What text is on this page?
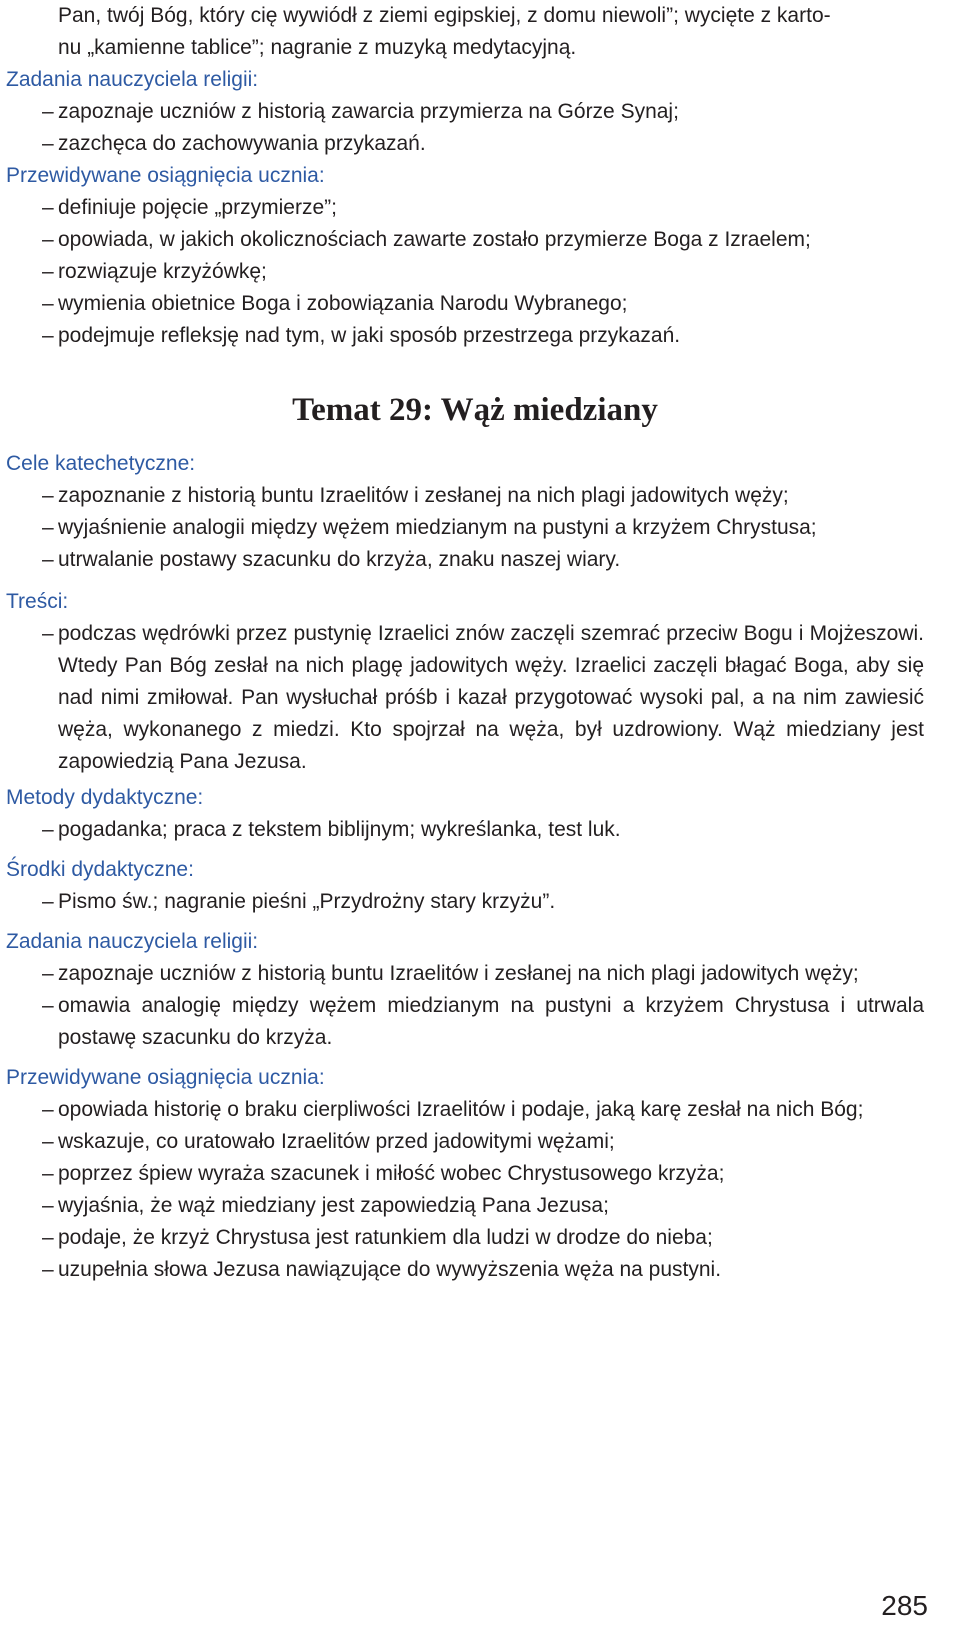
Pan, twój Bóg, który cię wywiódł z ziemi egipskiej, z domu niewoli”; wycięte z karto-

nu „kamienne tablice”; nagranie z muzyką medytacyjną.

Zadania nauczyciela religii:

– zapoznaje uczniów z historią zawarcia przymierza na Górze Synaj;
– zazchęca do zachowywania przykazań.

Przewidywane osiągnięcia ucznia:

– definiuje pojęcie „przymierze”;
– opowiada, w jakich okolicznościach zawarte zostało przymierze Boga z Izraelem;
– rozwiązuje krzyżówkę;
– wymienia obietnice Boga i zobowiązania Narodu Wybranego;
– podejmuje refleksję nad tym, w jaki sposób przestrzega przykazań.
Temat 29: Wąż miedziany

Cele katechetyczne:

– zapoznanie z historią buntu Izraelitów i zesłanej na nich plagi jadowitych węży;
– wyjaśnienie analogii między wężem miedzianym na pustyni a krzyżem Chrystusa;
– utrwalanie postawy szacunku do krzyża, znaku naszej wiary.

Treści:

– podczas wędrówki przez pustynię Izraelici znów zaczęli szemrać przeciw Bogu i Mojżeszowi. Wtedy Pan Bóg zesłał na nich plagę jadowitych węży. Izraelici zaczęli błagać Boga, aby się nad nimi zmiłował. Pan wysłuchał próśb i kazał przygotować wysoki pal, a na nim zawiesić węża, wykonanego z miedzi. Kto spojrzał na węża, był uzdrowiony. Wąż miedziany jest zapowiedzią Pana Jezusa.

Metody dydaktyczne:

– pogadanka; praca z tekstem biblijnym; wykreślanka, test luk.

Środki dydaktyczne:

– Pismo św.; nagranie pieśni „Przydrożny stary krzyżu”.

Zadania nauczyciela religii:

– zapoznaje uczniów z historią buntu Izraelitów i zesłanej na nich plagi jadowitych węży;
– omawia analogię między wężem miedzianym na pustyni a krzyżem Chrystusa i utrwala postawę szacunku do krzyża.

Przewidywane osiągnięcia ucznia:

– opowiada historię o braku cierpliwości Izraelitów i podaje, jaką karę zesłał na nich Bóg;
– wskazuje, co uratowało Izraelitów przed jadowitymi wężami;
– poprzez śpiew wyraża szacunek i miłość wobec Chrystusowego krzyża;
– wyjaśnia, że wąż miedziany jest zapowiedzią Pana Jezusa;
– podaje, że krzyż Chrystusa jest ratunkiem dla ludzi w drodze do nieba;
– uzupełnia słowa Jezusa nawiązujące do wywyższenia węża na pustyni.
285
